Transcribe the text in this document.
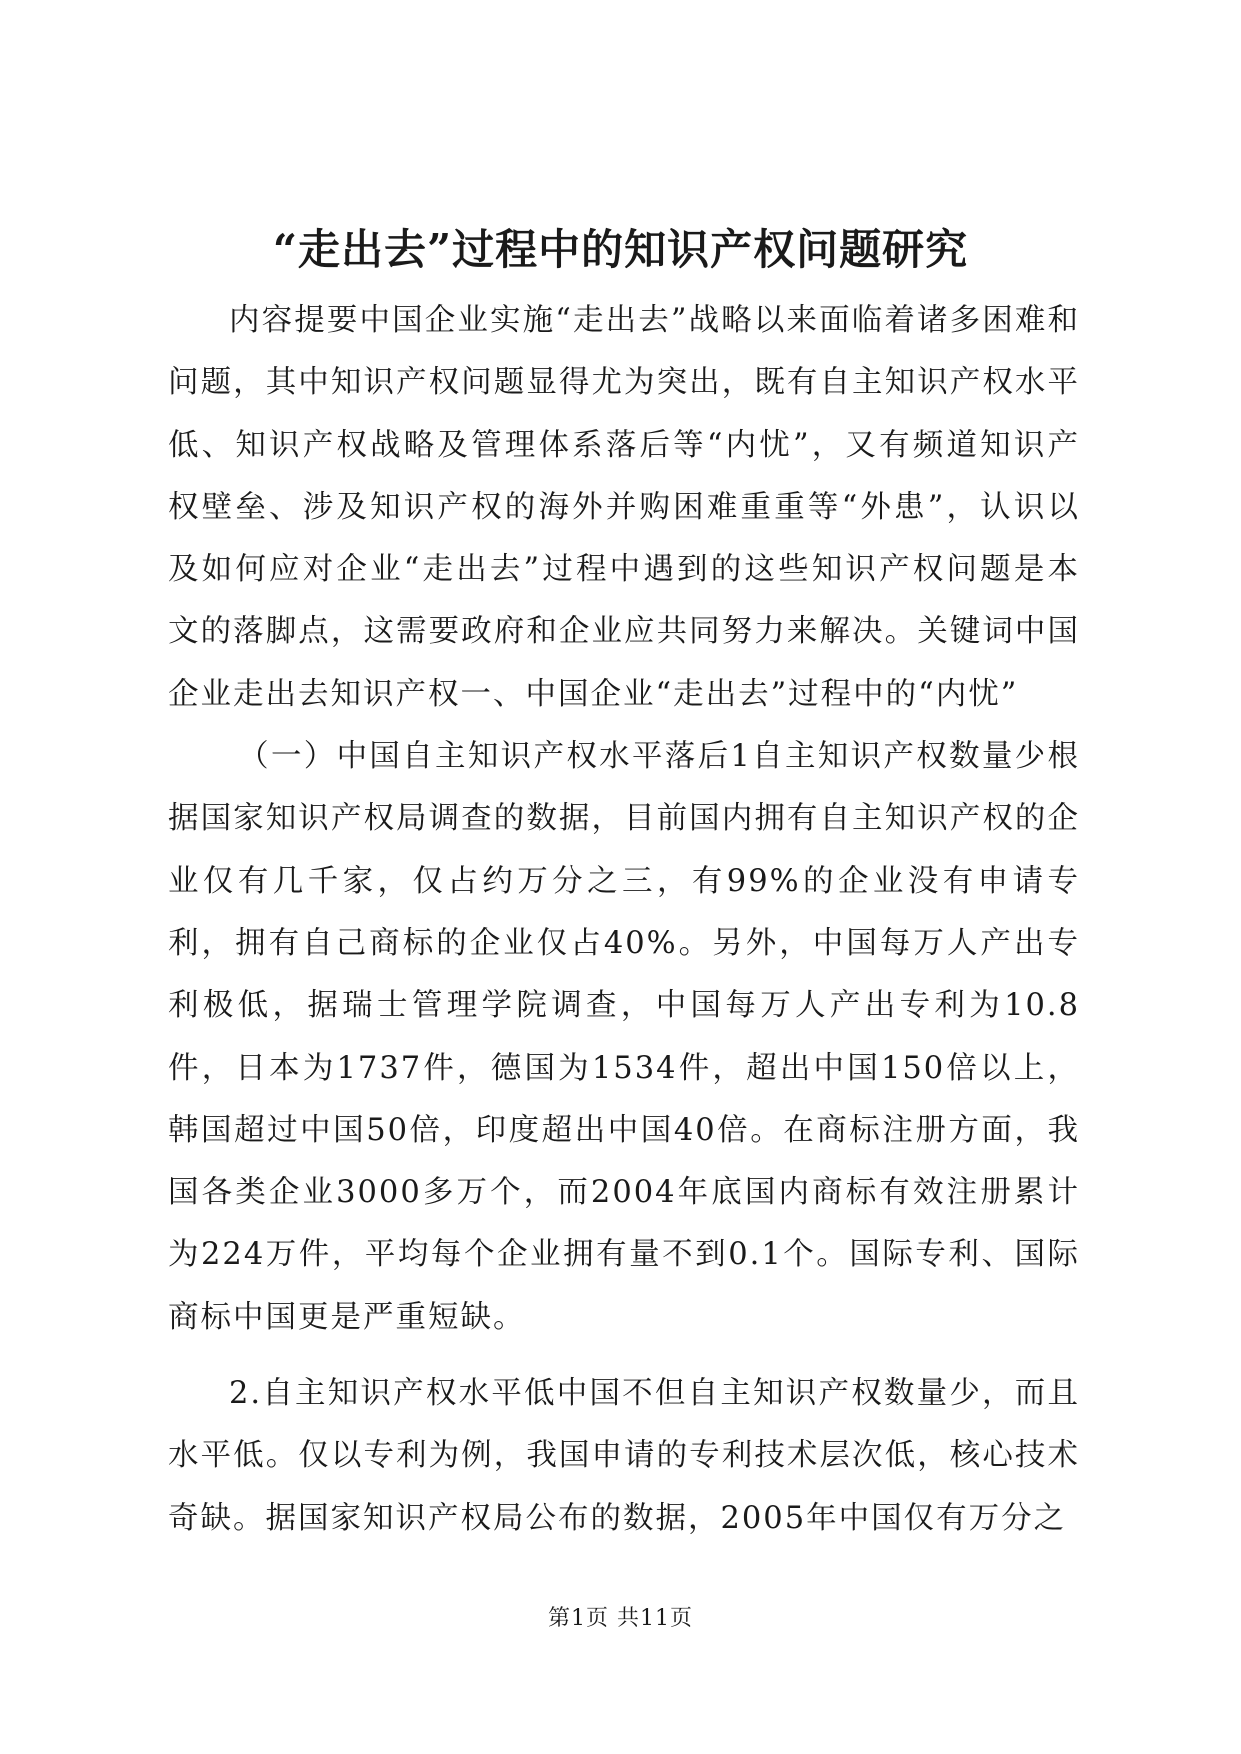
“走出去”过程中的知识产权问题研究

内容提要中国企业实施“走出去”战略以来面临着诸多困难和问题，其中知识产权问题显得尤为突出，既有自主知识产权水平低、知识产权战略及管理体系落后等“内忧”，又有频道知识产权壁垒、涉及知识产权的海外并购困难重重等“外患”，认识以及如何应对企业“走出去”过程中遇到的这些知识产权问题是本文的落脚点，这需要政府和企业应共同努力来解决。关键词中国企业走出去知识产权一、中国企业“走出去”过程中的“内忧”

（一）中国自主知识产权水平落后1自主知识产权数量少根据国家知识产权局调查的数据，目前国内拥有自主知识产权的企业仅有几千家，仅占约万分之三，有99%的企业没有申请专利，拥有自己商标的企业仅占40%。另外，中国每万人产出专利极低，据瑞士管理学院调查，中国每万人产出专利为10.8件，日本为1737件，德国为1534件，超出中国150倍以上，韩国超过中国50倍，印度超出中国40倍。在商标注册方面，我国各类企业3000多万个，而2004年底国内商标有效注册累计为224万件，平均每个企业拥有量不到0.1个。国际专利、国际商标中国更是严重短缺。

2.自主知识产权水平低中国不但自主知识产权数量少，而且水平低。仅以专利为例，我国申请的专利技术层次低，核心技术奇缺。据国家知识产权局公布的数据，2005年中国仅有万分之

第1页 共11页
